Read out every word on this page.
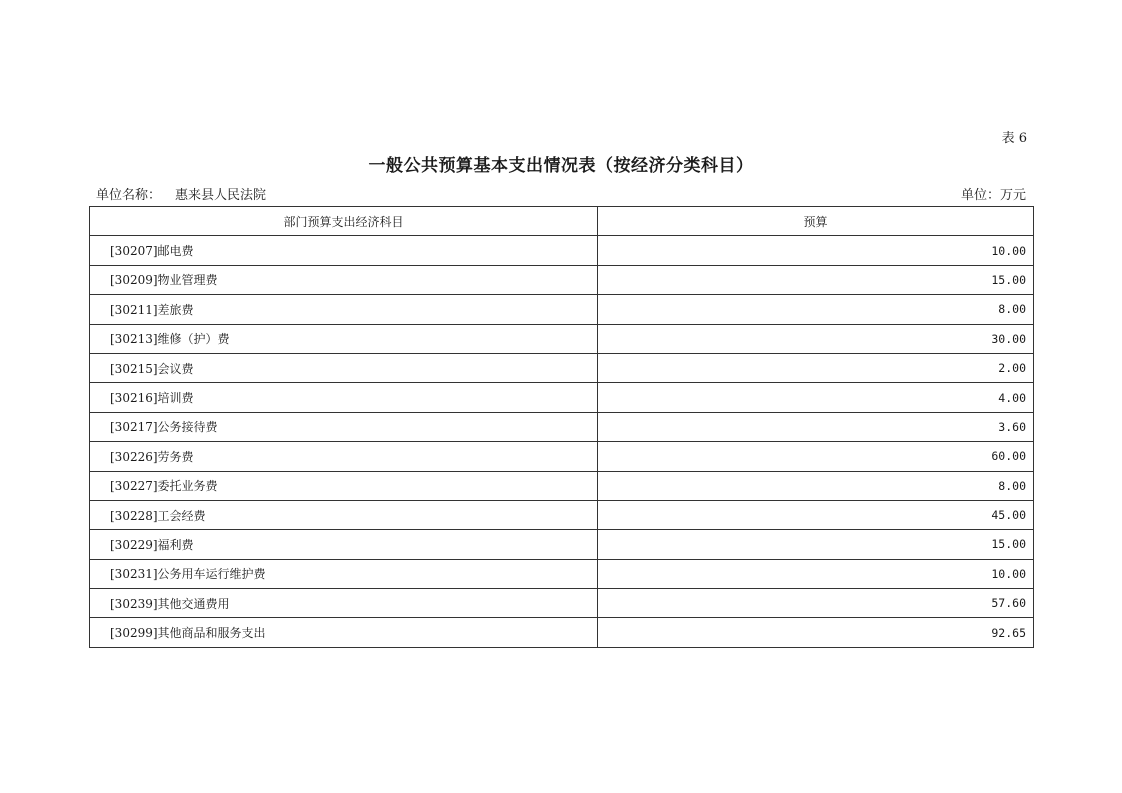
表 6
一般公共预算基本支出情况表（按经济分类科目）
单位名称： 惠来县人民法院	单位：万元
部门预算支出经济科目	预算
[30207]邮电费	10.00
[30209]物业管理费	15.00
[30211]差旅费	8.00
[30213]维修（护）费	30.00
[30215]会议费	2.00
[30216]培训费	4.00
[30217]公务接待费	3.60
[30226]劳务费	60.00
[30227]委托业务费	8.00
[30228]工会经费	45.00
[30229]福利费	15.00
[30231]公务用车运行维护费	10.00
[30239]其他交通费用	57.60
[30299]其他商品和服务支出	92.65
